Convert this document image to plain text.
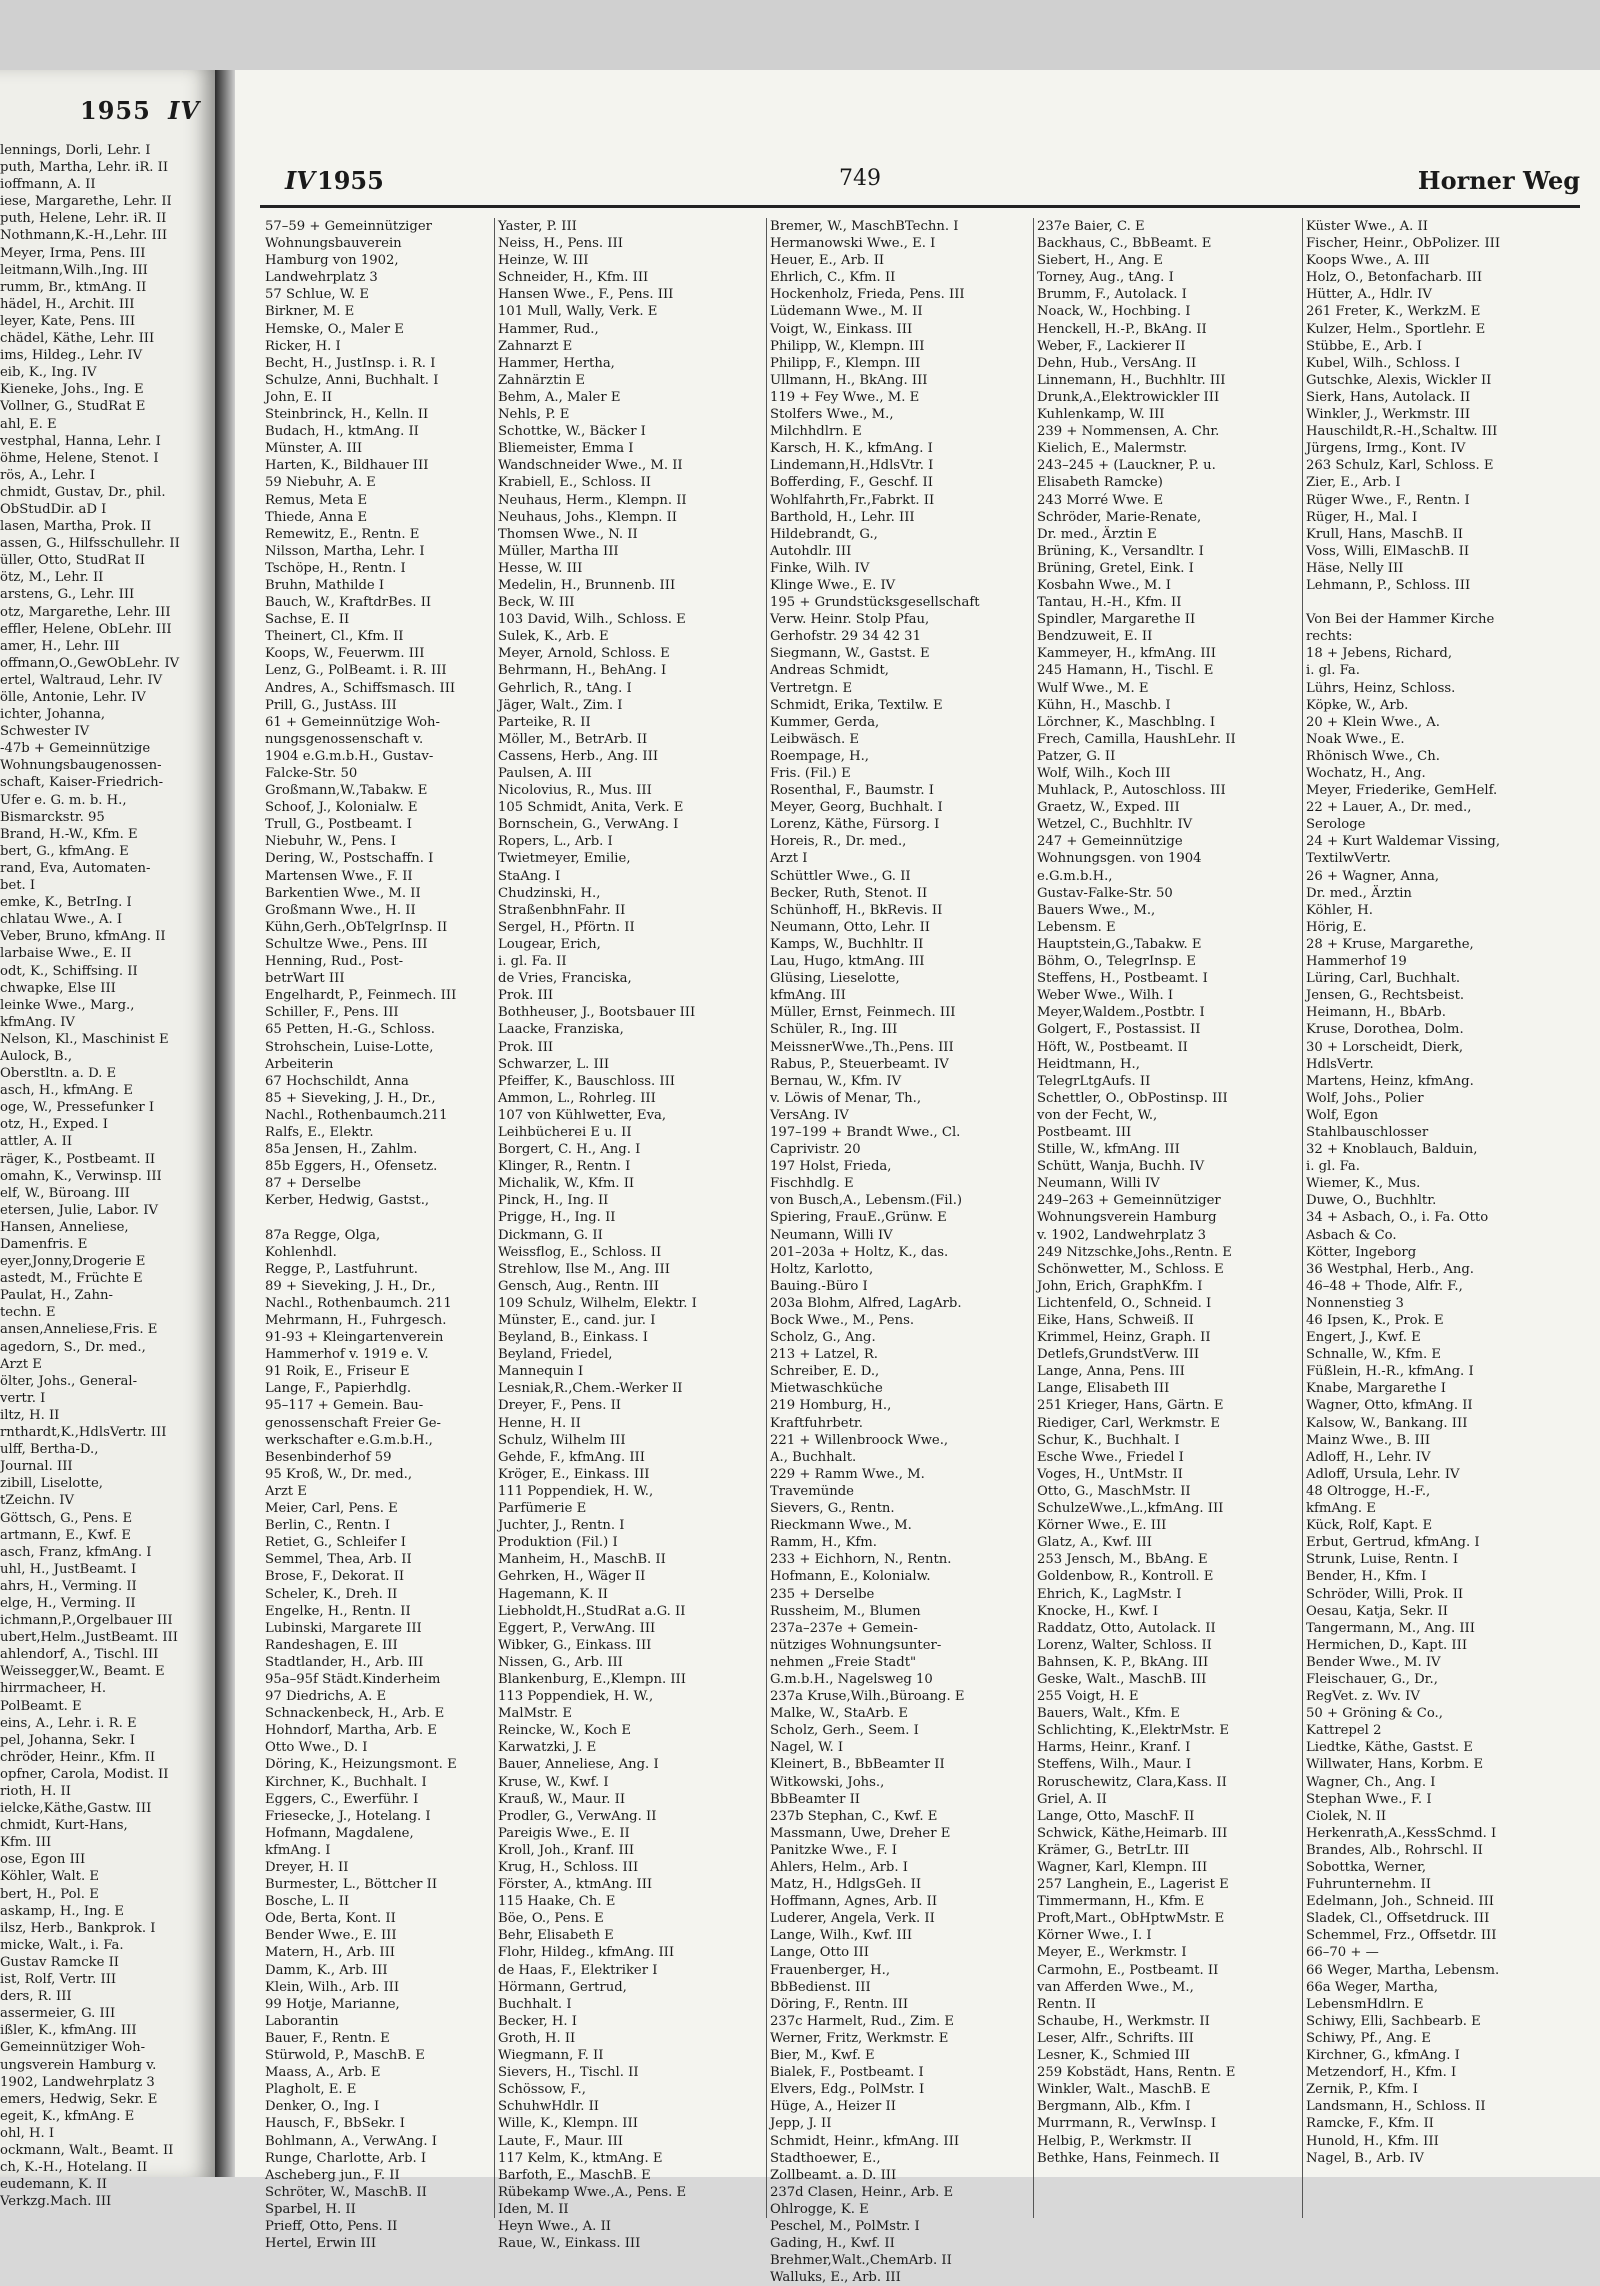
1955 IV
lennings, Dorli, Lehr. I
puth, Martha, Lehr. iR. II
ioffmann, A. II
iese, Margarethe, Lehr. II
puth, Helene, Lehr. iR. II
Nothmann,K.-H.,Lehr. III
Meyer, Irma, Pens. III
leitmann,Wilh.,Ing. III
rumm, Br., ktmAng. II
hädel, H., Archit. III
leyer, Kate, Pens. III
chädel, Käthe, Lehr. III
ims, Hildeg., Lehr. IV
eib, K., Ing. IV
Kieneke, Johs., Ing. E
Vollner, G., StudRat E
ahl, E. E
vestphal, Hanna, Lehr. I
öhme, Helene, Stenot. I
rös, A., Lehr. I
chmidt, Gustav, Dr., phil.
ObStudDir. aD I
lasen, Martha, Prok. II
assen, G., Hilfsschullehr. II
üller, Otto, StudRat II
ötz, M., Lehr. II
arstens, G., Lehr. III
otz, Margarethe, Lehr. III
effler, Helene, ObLehr. III
amer, H., Lehr. III
offmann,O.,GewObLehr. IV
ertel, Waltraud, Lehr. IV
ölle, Antonie, Lehr. IV
ichter, Johanna,
Schwester IV
-47b + Gemeinnützige
Wohnungsbaugenossen-
schaft, Kaiser-Friedrich-
Ufer e. G. m. b. H.,
Bismarckstr. 95
Brand, H.-W., Kfm. E
bert, G., kfmAng. E
rand, Eva, Automaten-
bet. I
emke, K., BetrIng. I
chlatau Wwe., A. I
Veber, Bruno, kfmAng. II
larbaise Wwe., E. II
odt, K., Schiffsing. II
chwapke, Else III
leinke Wwe., Marg.,
kfmAng. IV
Nelson, Kl., Maschinist E
Aulock, B.,
Oberstltn. a. D. E
asch, H., kfmAng. E
oge, W., Pressefunker I
otz, H., Exped. I
attler, A. II
räger, K., Postbeamt. II
omahn, K., Verwinsp. III
elf, W., Büroang. III
etersen, Julie, Labor. IV
Hansen, Anneliese,
Damenfris. E
eyer,Jonny,Drogerie E
astedt, M., Früchte E
Paulat, H., Zahn-
techn. E
ansen,Anneliese,Fris. E
agedorn, S., Dr. med.,
Arzt E
ölter, Johs., General-
vertr. I
iltz, H. II
rnthardt,K.,HdlsVertr. III
ulff, Bertha-D.,
Journal. III
zibill, Liselotte,
tZeichn. IV
Göttsch, G., Pens. E
artmann, E., Kwf. E
asch, Franz, kfmAng. I
uhl, H., JustBeamt. I
ahrs, H., Verming. II
elge, H., Verming. II
ichmann,P.,Orgelbauer III
ubert,Helm.,JustBeamt. III
ahlendorf, A., Tischl. III
Weissegger,W., Beamt. E
hirrmacheer, H.
PolBeamt. E
eins, A., Lehr. i. R. E
pel, Johanna, Sekr. I
chröder, Heinr., Kfm. II
opfner, Carola, Modist. II
rioth, H. II
ielcke,Käthe,Gastw. III
chmidt, Kurt-Hans,
Kfm. III
ose, Egon III
Köhler, Walt. E
bert, H., Pol. E
askamp, H., Ing. E
ilsz, Herb., Bankprok. I
micke, Walt., i. Fa.
Gustav Ramcke II
ist, Rolf, Vertr. III
ders, R. III
assermeier, G. III
ißler, K., kfmAng. III
Gemeinnütziger Woh-
ungsverein Hamburg v.
1902, Landwehrplatz 3
emers, Hedwig, Sekr. E
egeit, K., kfmAng. E
ohl, H. I
ockmann, Walt., Beamt. II
ch, K.-H., Hotelang. II
eudemann, K. II
Verkzg.Mach. III
IV 1955	749	Horner Weg
57–59 + Gemeinnütziger
Wohnungsbauverein
Hamburg von 1902,
Landwehrplatz 3
57 Schlue, W. E
Birkner, M. E
Hemske, O., Maler E
Ricker, H. I
Becht, H., JustInsp. i. R. I
Schulze, Anni, Buchhalt. I
John, E. II
Steinbrinck, H., Kelln. II
Budach, H., ktmAng. II
Münster, A. III
Harten, K., Bildhauer III
59 Niebuhr, A. E
Remus, Meta E
Thiede, Anna E
Remewitz, E., Rentn. E
Nilsson, Martha, Lehr. I
Tschöpe, H., Rentn. I
Bruhn, Mathilde I
Bauch, W., KraftdrBes. II
Sachse, E. II
Theinert, Cl., Kfm. II
Koops, W., Feuerwm. III
Lenz, G., PolBeamt. i. R. III
Andres, A., Schiffsmasch. III
Prill, G., JustAss. III
61 + Gemeinnützige Woh-
nungsgenossenschaft v.
1904 e.G.m.b.H., Gustav-
Falcke-Str. 50
Großmann,W.,Tabakw. E
Schoof, J., Kolonialw. E
Trull, G., Postbeamt. I
Niebuhr, W., Pens. I
Dering, W., Postschaffn. I
Martensen Wwe., F. II
Barkentien Wwe., M. II
Großmann Wwe., H. II
Kühn,Gerh.,ObTelgrInsp. II
Schultze Wwe., Pens. III
Henning, Rud., Post-
betrWart III
Engelhardt, P., Feinmech. III
Schiller, F., Pens. III
65 Petten, H.-G., Schloss.
Strohschein, Luise-Lotte,
Arbeiterin
67 Hochschildt, Anna
85 + Sieveking, J. H., Dr.,
Nachl., Rothenbaumch.211
Ralfs, E., Elektr.
85a Jensen, H., Zahlm.
85b Eggers, H., Ofensetz.
87 + Derselbe
Kerber, Hedwig, Gastst.,
87a Regge, Olga,
Kohlenhdl.
Regge, P., Lastfuhrunt.
89 + Sieveking, J. H., Dr.,
Nachl., Rothenbaumch. 211
Mehrmann, H., Fuhrgesch.
91-93 + Kleingartenverein
Hammerhof v. 1919 e. V.
91 Roik, E., Friseur E
Lange, F., Papierhdlg.
95–117 + Gemein. Bau-
genossenschaft Freier Ge-
werkschafter e.G.m.b.H.,
Besenbinderhof 59
95 Kroß, W., Dr. med.,
Arzt E
Meier, Carl, Pens. E
Berlin, C., Rentn. I
Retiet, G., Schleifer I
Semmel, Thea, Arb. II
Brose, F., Dekorat. II
Scheler, K., Dreh. II
Engelke, H., Rentn. II
Lubinski, Margarete III
Randeshagen, E. III
Stadtlander, H., Arb. III
95a–95f Städt.Kinderheim
97 Diedrichs, A. E
Schnackenbeck, H., Arb. E
Hohndorf, Martha, Arb. E
Otto Wwe., D. I
Döring, K., Heizungsmont. E
Kirchner, K., Buchhalt. I
Eggers, C., Ewerführ. I
Friesecke, J., Hotelang. I
Hofmann, Magdalene,
kfmAng. I
Dreyer, H. II
Burmester, L., Böttcher II
Bosche, L. II
Ode, Berta, Kont. II
Bender Wwe., E. III
Matern, H., Arb. III
Damm, K., Arb. III
Klein, Wilh., Arb. III
99 Hotje, Marianne,
Laborantin
Bauer, F., Rentn. E
Stürwold, P., MaschB. E
Maass, A., Arb. E
Plagholt, E. E
Denker, O., Ing. I
Hausch, F., BbSekr. I
Bohlmann, A., VerwAng. I
Runge, Charlotte, Arb. I
Ascheberg jun., F. II
Schröter, W., MaschB. II
Sparbel, H. II
Prieff, Otto, Pens. II
Hertel, Erwin III
Yaster, P. III
Neiss, H., Pens. III
Heinze, W. III
Schneider, H., Kfm. III
Hansen Wwe., F., Pens. III
101 Mull, Wally, Verk. E
Hammer, Rud.,
Zahnarzt E
Hammer, Hertha,
Zahnärztin E
Behm, A., Maler E
Nehls, P. E
Schottke, W., Bäcker I
Bliemeister, Emma I
Wandschneider Wwe., M. II
Krabiell, E., Schloss. II
Neuhaus, Herm., Klempn. II
Neuhaus, Johs., Klempn. II
Thomsen Wwe., N. II
Müller, Martha III
Hesse, W. III
Medelin, H., Brunnenb. III
Beck, W. III
103 David, Wilh., Schloss. E
Sulek, K., Arb. E
Meyer, Arnold, Schloss. E
Behrmann, H., BehAng. I
Gehrlich, R., tAng. I
Jäger, Walt., Zim. I
Parteike, R. II
Möller, M., BetrArb. II
Cassens, Herb., Ang. III
Paulsen, A. III
Nicolovius, R., Mus. III
105 Schmidt, Anita, Verk. E
Bornschein, G., VerwAng. I
Ropers, L., Arb. I
Twietmeyer, Emilie,
StaAng. I
Chudzinski, H.,
StraßenbhnFahr. II
Sergel, H., Pförtn. II
Lougear, Erich,
i. gl. Fa. II
de Vries, Franciska,
Prok. III
Bothheuser, J., Bootsbauer III
Laacke, Franziska,
Prok. III
Schwarzer, L. III
Pfeiffer, K., Bauschloss. III
Ammon, L., Rohrleg. III
107 von Kühlwetter, Eva,
Leihbücherei E u. II
Borgert, C. H., Ang. I
Klinger, R., Rentn. I
Michalik, W., Kfm. II
Pinck, H., Ing. II
Prigge, H., Ing. II
Dickmann, G. II
Weissflog, E., Schloss. II
Strehlow, Ilse M., Ang. III
Gensch, Aug., Rentn. III
109 Schulz, Wilhelm, Elektr. I
Münster, E., cand. jur. I
Beyland, B., Einkass. I
Beyland, Friedel,
Mannequin I
Lesniak,R.,Chem.-Werker II
Dreyer, F., Pens. II
Henne, H. II
Schulz, Wilhelm III
Gehde, F., kfmAng. III
Kröger, E., Einkass. III
111 Poppendiek, H. W.,
Parfümerie E
Juchter, J., Rentn. I
Produktion (Fil.) I
Manheim, H., MaschB. II
Gehrken, H., Wäger II
Hagemann, K. II
Liebholdt,H.,StudRat a.G. II
Eggert, P., VerwAng. III
Wibker, G., Einkass. III
Nissen, G., Arb. III
Blankenburg, E.,Klempn. III
113 Poppendiek, H. W.,
MalMstr. E
Reincke, W., Koch E
Karwatzki, J. E
Bauer, Anneliese, Ang. I
Kruse, W., Kwf. I
Krauß, W., Maur. II
Prodler, G., VerwAng. II
Pareigis Wwe., E. II
Kroll, Joh., Kranf. III
Krug, H., Schloss. III
Förster, A., ktmAng. III
115 Haake, Ch. E
Böe, O., Pens. E
Behr, Elisabeth E
Flohr, Hildeg., kfmAng. III
de Haas, F., Elektriker I
Hörmann, Gertrud,
Buchhalt. I
Becker, H. I
Groth, H. II
Wiegmann, F. II
Sievers, H., Tischl. II
Schössow, F.,
SchuhwHdlr. II
Wille, K., Klempn. III
Laute, F., Maur. III
117 Kelm, K., ktmAng. E
Barfoth, E., MaschB. E
Rübekamp Wwe.,A., Pens. E
Iden, M. II
Heyn Wwe., A. II
Raue, W., Einkass. III
Bremer, W., MaschBTechn. I
Hermanowski Wwe., E. I
Heuer, E., Arb. II
Ehrlich, C., Kfm. II
Hockenholz, Frieda, Pens. III
Lüdemann Wwe., M. II
Voigt, W., Einkass. III
Philipp, W., Klempn. III
Philipp, F., Klempn. III
Ullmann, H., BkAng. III
119 + Fey Wwe., M. E
Stolfers Wwe., M.,
Milchhdlrn. E
Karsch, H. K., kfmAng. I
Lindemann,H.,HdlsVtr. I
Bofferding, F., Geschf. II
Wohlfahrth,Fr.,Fabrkt. II
Barthold, H., Lehr. III
Hildebrandt, G.,
Autohdlr. III
Finke, Wilh. IV
Klinge Wwe., E. IV
195 + Grundstücksgesellschaft
Verw. Heinr. Stolp Pfau,
Gerhofstr. 29 34 42 31
Siegmann, W., Gastst. E
Andreas Schmidt,
Vertretgn. E
Schmidt, Erika, Textilw. E
Kummer, Gerda,
Leibwäsch. E
Roempage, H.,
Fris. (Fil.) E
Rosenthal, F., Baumstr. I
Meyer, Georg, Buchhalt. I
Lorenz, Käthe, Fürsorg. I
Horeis, R., Dr. med.,
Arzt I
Schüttler Wwe., G. II
Becker, Ruth, Stenot. II
Schünhoff, H., BkRevis. II
Neumann, Otto, Lehr. II
Kamps, W., Buchhltr. II
Lau, Hugo, ktmAng. III
Glüsing, Lieselotte,
kfmAng. III
Müller, Ernst, Feinmech. III
Schüler, R., Ing. III
MeissnerWwe.,Th.,Pens. III
Rabus, P., Steuerbeamt. IV
Bernau, W., Kfm. IV
v. Löwis of Menar, Th.,
VersAng. IV
197–199 + Brandt Wwe., Cl.
Caprivistr. 20
197 Holst, Frieda,
Fischhdlg. E
von Busch,A., Lebensm.(Fil.)
Spiering, FrauE.,Grünw. E
Neumann, Willi IV
201–203a + Holtz, K., das.
Holtz, Karlotto,
Bauing.-Büro I
203a Blohm, Alfred, LagArb.
Bock Wwe., M., Pens.
Scholz, G., Ang.
213 + Latzel, R.
Schreiber, E. D.,
Mietwaschküche
219 Homburg, H.,
Kraftfuhrbetr.
221 + Willenbroock Wwe.,
A., Buchhalt.
229 + Ramm Wwe., M.
Travemünde
Sievers, G., Rentn.
Rieckmann Wwe., M.
Ramm, H., Kfm.
233 + Eichhorn, N., Rentn.
Hofmann, E., Kolonialw.
235 + Derselbe
Russheim, M., Blumen
237a–237e + Gemein-
nütziges Wohnungsunter-
nehmen „Freie Stadt"
G.m.b.H., Nagelsweg 10
237a Kruse,Wilh.,Büroang. E
Malke, W., StaArb. E
Scholz, Gerh., Seem. I
Nagel, W. I
Kleinert, B., BbBeamter II
Witkowski, Johs.,
BbBeamter II
237b Stephan, C., Kwf. E
Massmann, Uwe, Dreher E
Panitzke Wwe., F. I
Ahlers, Helm., Arb. I
Matz, H., HdlgsGeh. II
Hoffmann, Agnes, Arb. II
Luderer, Angela, Verk. II
Lange, Wilh., Kwf. III
Lange, Otto III
Frauenberger, H.,
BbBedienst. III
Döring, F., Rentn. III
237c Harmelt, Rud., Zim. E
Werner, Fritz, Werkmstr. E
Bier, M., Kwf. E
Bialek, F., Postbeamt. I
Elvers, Edg., PolMstr. I
Hüge, A., Heizer II
Jepp, J. II
Schmidt, Heinr., kfmAng. III
Stadthoewer, E.,
Zollbeamt. a. D. III
237d Clasen, Heinr., Arb. E
Ohlrogge, K. E
Peschel, M., PolMstr. I
Gading, H., Kwf. II
Brehmer,Walt.,ChemArb. II
Walluks, E., Arb. III
237e Baier, C. E
Backhaus, C., BbBeamt. E
Siebert, H., Ang. E
Torney, Aug., tAng. I
Brumm, F., Autolack. I
Noack, W., Hochbing. I
Henckell, H.-P., BkAng. II
Weber, F., Lackierer II
Dehn, Hub., VersAng. II
Linnemann, H., Buchhltr. III
Drunk,A.,Elektrowickler III
Kuhlenkamp, W. III
239 + Nommensen, A. Chr.
Kielich, E., Malermstr.
243–245 + (Lauckner, P. u.
Elisabeth Ramcke)
243 Morré Wwe. E
Schröder, Marie-Renate,
Dr. med., Ärztin E
Brüning, K., Versandltr. I
Brüning, Gretel, Eink. I
Kosbahn Wwe., M. I
Tantau, H.-H., Kfm. II
Spindler, Margarethe II
Bendzuweit, E. II
Kammeyer, H., kfmAng. III
245 Hamann, H., Tischl. E
Wulf Wwe., M. E
Kühn, H., Maschb. I
Lörchner, K., Maschblng. I
Frech, Camilla, HaushLehr. II
Patzer, G. II
Wolf, Wilh., Koch III
Muhlack, P., Autoschloss. III
Graetz, W., Exped. III
Wetzel, C., Buchhltr. IV
247 + Gemeinnützige
Wohnungsgen. von 1904
e.G.m.b.H.,
Gustav-Falke-Str. 50
Bauers Wwe., M.,
Lebensm. E
Hauptstein,G.,Tabakw. E
Böhm, O., TelegrInsp. E
Steffens, H., Postbeamt. I
Weber Wwe., Wilh. I
Meyer,Waldem.,Postbtr. I
Golgert, F., Postassist. II
Höft, W., Postbeamt. II
Heidtmann, H.,
TelegrLtgAufs. II
Schettler, O., ObPostinsp. III
von der Fecht, W.,
Postbeamt. III
Stille, W., kfmAng. III
Schütt, Wanja, Buchh. IV
Neumann, Willi IV
249–263 + Gemeinnütziger
Wohnungsverein Hamburg
v. 1902, Landwehrplatz 3
249 Nitzschke,Johs.,Rentn. E
Schönwetter, M., Schloss. E
John, Erich, GraphKfm. I
Lichtenfeld, O., Schneid. I
Eike, Hans, Schweiß. II
Krimmel, Heinz, Graph. II
Detlefs,GrundstVerw. III
Lange, Anna, Pens. III
Lange, Elisabeth III
251 Krieger, Hans, Gärtn. E
Riediger, Carl, Werkmstr. E
Schur, K., Buchhalt. I
Esche Wwe., Friedel I
Voges, H., UntMstr. II
Otto, G., MaschMstr. II
SchulzeWwe.,L.,kfmAng. III
Körner Wwe., E. III
Glatz, A., Kwf. III
253 Jensch, M., BbAng. E
Goldenbow, R., Kontroll. E
Ehrich, K., LagMstr. I
Knocke, H., Kwf. I
Raddatz, Otto, Autolack. II
Lorenz, Walter, Schloss. II
Bahnsen, K. P., BkAng. III
Geske, Walt., MaschB. III
255 Voigt, H. E
Bauers, Walt., Kfm. E
Schlichting, K.,ElektrMstr. E
Harms, Heinr., Kranf. I
Steffens, Wilh., Maur. I
Roruschewitz, Clara,Kass. II
Griel, A. II
Lange, Otto, MaschF. II
Schwick, Käthe,Heimarb. III
Krämer, G., BetrLtr. III
Wagner, Karl, Klempn. III
257 Langhein, E., Lagerist E
Timmermann, H., Kfm. E
Proft,Mart., ObHptwMstr. E
Körner Wwe., I. I
Meyer, E., Werkmstr. I
Carmohn, E., Postbeamt. II
van Afferden Wwe., M.,
Rentn. II
Schaube, H., Werkmstr. II
Leser, Alfr., Schrifts. III
Lesner, K., Schmied III
259 Kobstädt, Hans, Rentn. E
Winkler, Walt., MaschB. E
Bergmann, Alb., Kfm. I
Murrmann, R., VerwInsp. I
Helbig, P., Werkmstr. II
Bethke, Hans, Feinmech. II
Küster Wwe., A. II
Fischer, Heinr., ObPolizer. III
Koops Wwe., A. III
Holz, O., Betonfacharb. III
Hütter, A., Hdlr. IV
261 Freter, K., WerkzM. E
Kulzer, Helm., Sportlehr. E
Stübbe, E., Arb. I
Kubel, Wilh., Schloss. I
Gutschke, Alexis, Wickler II
Sierk, Hans, Autolack. II
Winkler, J., Werkmstr. III
Hauschildt,R.-H.,Schaltw. III
Jürgens, Irmg., Kont. IV
263 Schulz, Karl, Schloss. E
Zier, E., Arb. I
Rüger Wwe., F., Rentn. I
Rüger, H., Mal. I
Krull, Hans, MaschB. II
Voss, Willi, ElMaschB. II
Häse, Nelly III
Lehmann, P., Schloss. III
Von Bei der Hammer Kirche
rechts:
18 + Jebens, Richard,
i. gl. Fa.
Lührs, Heinz, Schloss.
Köpke, W., Arb.
20 + Klein Wwe., A.
Noak Wwe., E.
Rhönisch Wwe., Ch.
Wochatz, H., Ang.
Meyer, Friederike, GemHelf.
22 + Lauer, A., Dr. med.,
Serologe
24 + Kurt Waldemar Vissing,
TextilwVertr.
26 + Wagner, Anna,
Dr. med., Ärztin
Köhler, H.
Hörig, E.
28 + Kruse, Margarethe,
Hammerhof 19
Lüring, Carl, Buchhalt.
Jensen, G., Rechtsbeist.
Heimann, H., BbArb.
Kruse, Dorothea, Dolm.
30 + Lorscheidt, Dierk,
HdlsVertr.
Martens, Heinz, kfmAng.
Wolf, Johs., Polier
Wolf, Egon
Stahlbauschlosser
32 + Knoblauch, Balduin,
i. gl. Fa.
Wiemer, K., Mus.
Duwe, O., Buchhltr.
34 + Asbach, O., i. Fa. Otto
Asbach & Co.
Kötter, Ingeborg
36 Westphal, Herb., Ang.
46–48 + Thode, Alfr. F.,
Nonnenstieg 3
46 Ipsen, K., Prok. E
Engert, J., Kwf. E
Schnalle, W., Kfm. E
Füßlein, H.-R., kfmAng. I
Knabe, Margarethe I
Wagner, Otto, kfmAng. II
Kalsow, W., Bankang. III
Mainz Wwe., B. III
Adloff, H., Lehr. IV
Adloff, Ursula, Lehr. IV
48 Oltrogge, H.-F.,
kfmAng. E
Kück, Rolf, Kapt. E
Erbut, Gertrud, kfmAng. I
Strunk, Luise, Rentn. I
Bender, H., Kfm. I
Schröder, Willi, Prok. II
Oesau, Katja, Sekr. II
Tangermann, M., Ang. III
Hermichen, D., Kapt. III
Bender Wwe., M. IV
Fleischauer, G., Dr.,
RegVet. z. Wv. IV
50 + Gröning & Co.,
Kattrepel 2
Liedtke, Käthe, Gastst. E
Willwater, Hans, Korbm. E
Wagner, Ch., Ang. I
Stephan Wwe., F. I
Ciolek, N. II
Herkenrath,A.,KessSchmd. I
Brandes, Alb., Rohrschl. II
Sobottka, Werner,
Fuhrunternehm. II
Edelmann, Joh., Schneid. III
Sladek, Cl., Offsetdruck. III
Schemmel, Frz., Offsetdr. III
66–70 + —
66 Weger, Martha, Lebensm.
66a Weger, Martha,
LebensmHdlrn. E
Schiwy, Elli, Sachbearb. E
Schiwy, Pf., Ang. E
Kirchner, G., kfmAng. I
Metzendorf, H., Kfm. I
Zernik, P., Kfm. I
Landsmann, H., Schloss. II
Ramcke, F., Kfm. II
Hunold, H., Kfm. III
Nagel, B., Arb. IV
